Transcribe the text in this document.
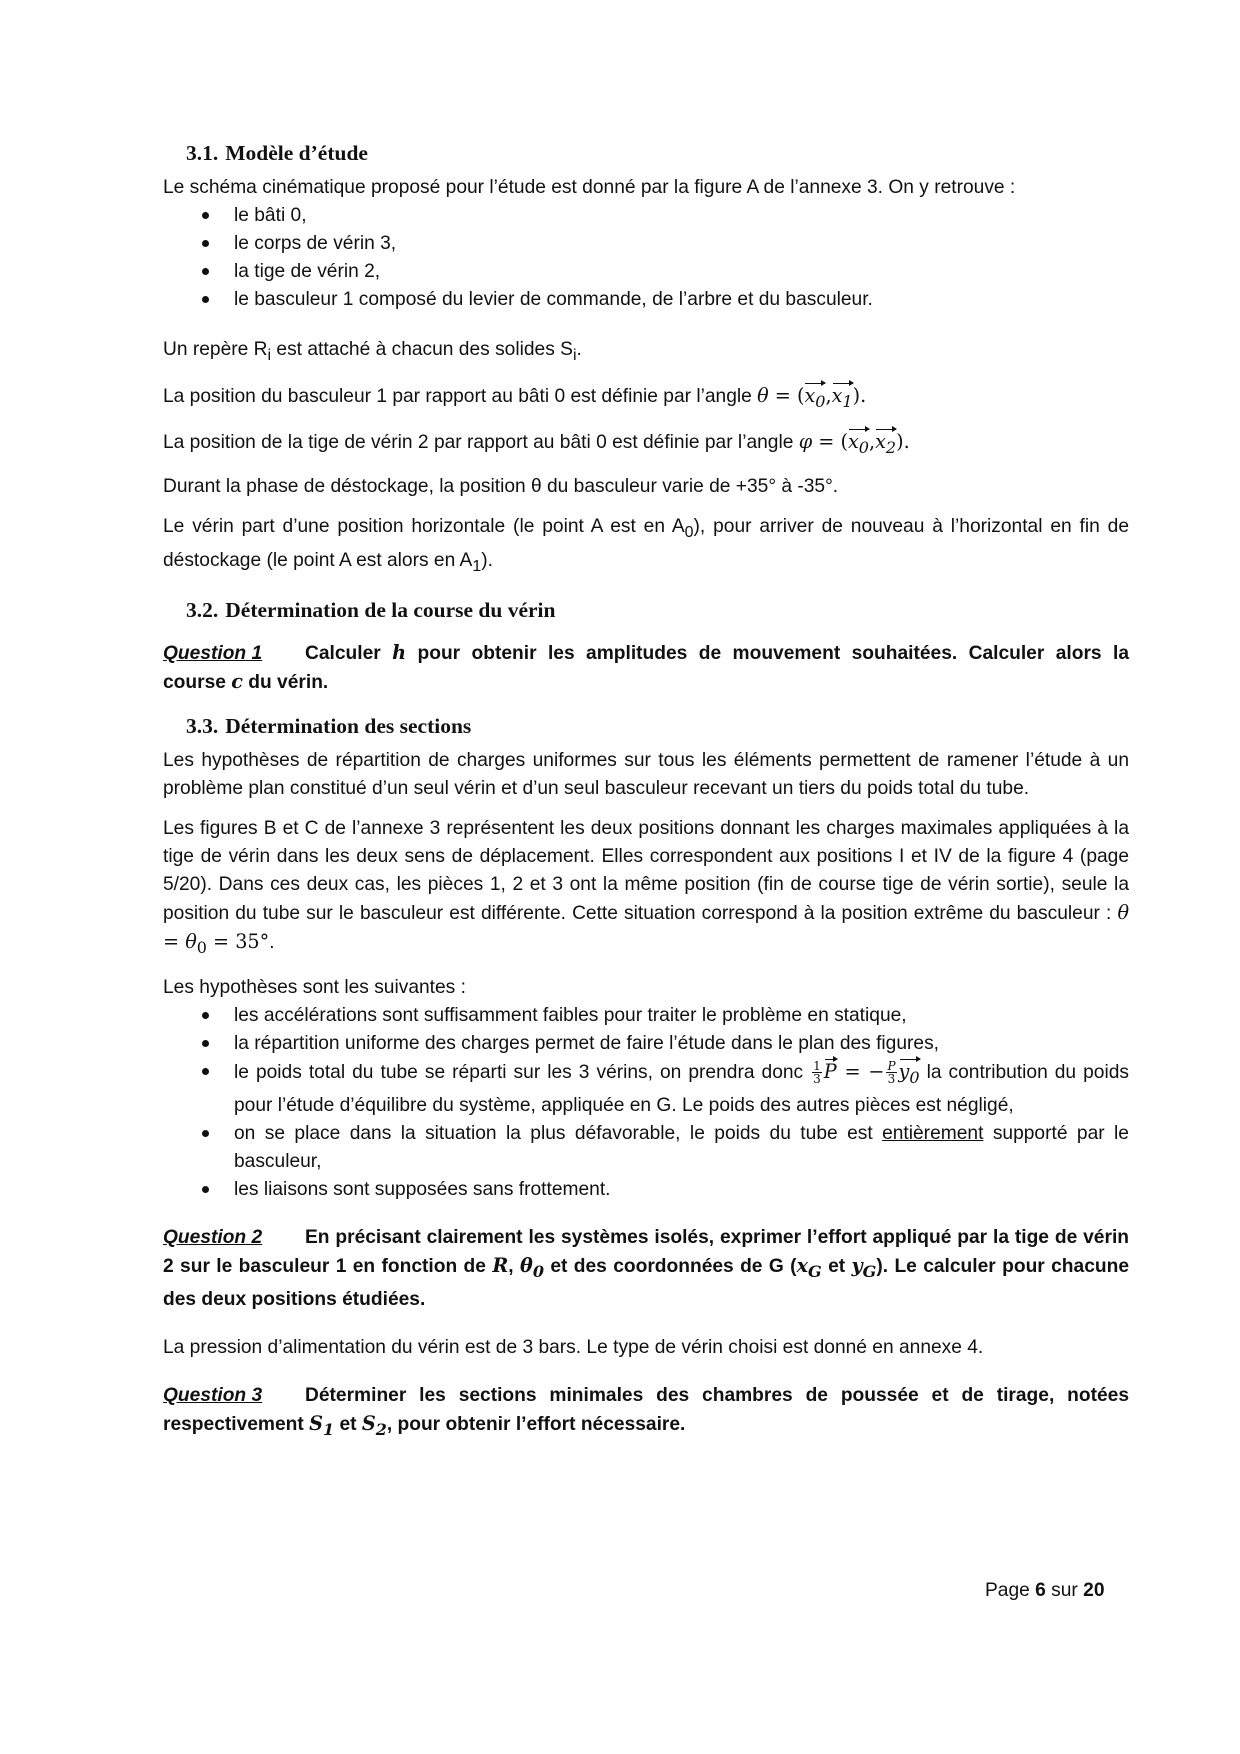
3.1. Modèle d’étude

Le schéma cinématique proposé pour l’étude est donné par la figure A de l’annexe 3. On y retrouve :

le bâti 0,
le corps de vérin 3,
la tige de vérin 2,
le basculeur 1 composé du levier de commande, de l’arbre et du basculeur.

Un repère $R_i$ est attaché à chacun des solides $S_i$.

La position du basculeur 1 par rapport au bâti 0 est définie par l’angle $\theta = (x_0,x_1)$.

La position de la tige de vérin 2 par rapport au bâti 0 est définie par l’angle $\varphi = (x_0,x_2)$.

Durant la phase de déstockage, la position θ du basculeur varie de +35° à -35°.

Le vérin part d’une position horizontale (le point A est en $A_0$), pour arriver de nouveau à l’horizontal en fin de déstockage (le point A est alors en $A_1$).

3.2. Détermination de la course du vérin

Question 1 Calculer h pour obtenir les amplitudes de mouvement souhaitées. Calculer alors la course c du vérin.

3.3. Détermination des sections

Les hypothèses de répartition de charges uniformes sur tous les éléments permettent de ramener l’étude à un problème plan constitué d’un seul vérin et d’un seul basculeur recevant un tiers du poids total du tube.

Les figures B et C de l’annexe 3 représentent les deux positions donnant les charges maximales appliquées à la tige de vérin dans les deux sens de déplacement. Elles correspondent aux positions I et IV de la figure 4 (page 5/20). Dans ces deux cas, les pièces 1, 2 et 3 ont la même position (fin de course tige de vérin sortie), seule la position du tube sur le basculeur est différente. Cette situation correspond à la position extrême du basculeur : $\theta = \theta_0 = 35^\circ$.

Les hypothèses sont les suivantes :

les accélérations sont suffisamment faibles pour traiter le problème en statique,
la répartition uniforme des charges permet de faire l’étude dans le plan des figures,
le poids total du tube se réparti sur les 3 vérins, on prendra donc $\frac{1}{3}$ P = − $\frac{P}{3} y_0$ la contribution du poids pour l’étude d’équilibre du système, appliquée en G. Le poids des autres pièces est négligé,
on se place dans la situation la plus défavorable, le poids du tube est entièrement supporté par le basculeur,
les liaisons sont supposées sans frottement.

Question 2 En précisant clairement les systèmes isolés, exprimer l’effort appliqué par la tige de vérin 2 sur le basculeur 1 en fonction de R, $\theta_0$ et des coordonnées de G ($x_G$ et $y_G$). Le calculer pour chacune des deux positions étudiées.

La pression d’alimentation du vérin est de 3 bars. Le type de vérin choisi est donné en annexe 4.

Question 3 Déterminer les sections minimales des chambres de poussée et de tirage, notées respectivement $S_1$ et $S_2$, pour obtenir l’effort nécessaire.

Page 6 sur 20
